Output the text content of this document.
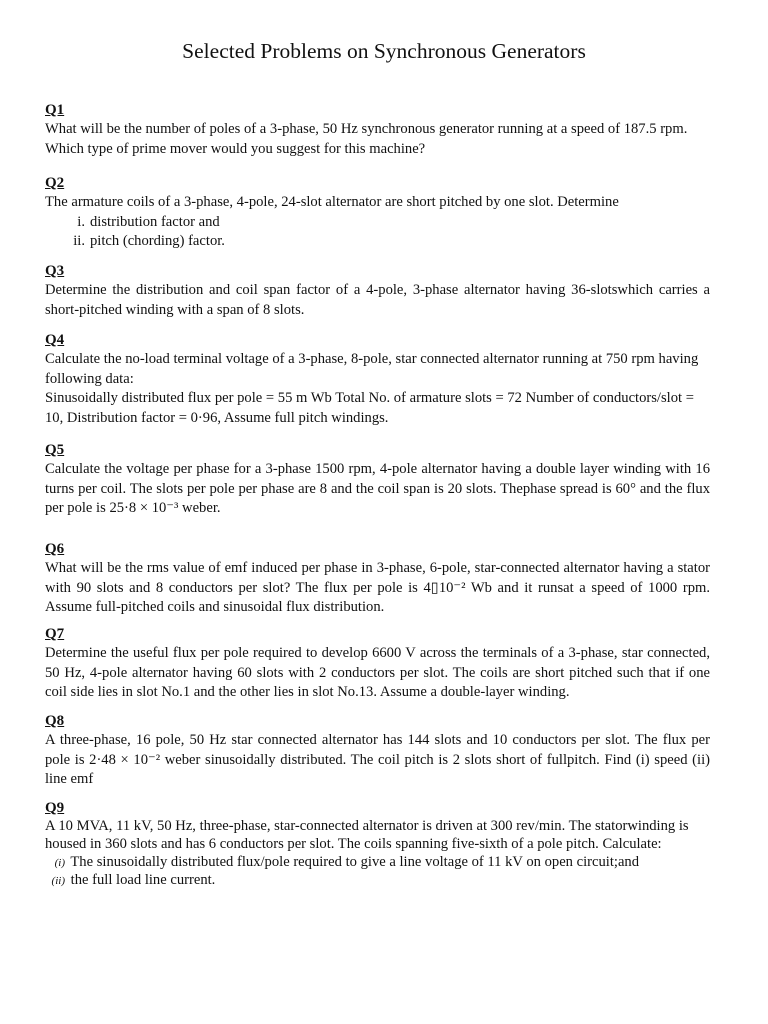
Selected Problems on Synchronous Generators
Q1

What will be the number of poles of a 3-phase, 50 Hz synchronous generator running at a speed of 187.5 rpm. Which type of prime mover would you suggest for this machine?

Q2

The armature coils of a 3-phase, 4-pole, 24-slot alternator are short pitched by one slot. Determine

i. distribution factor and
ii. pitch (chording) factor.
Q3

Determine the distribution and coil span factor of a 4-pole, 3-phase alternator having 36-slotswhich carries a short-pitched winding with a span of 8 slots.

Q4

Calculate the no-load terminal voltage of a 3-phase, 8-pole, star connected alternator running at 750 rpm having following data:

Sinusoidally distributed flux per pole = 55 m Wb Total No. of armature slots = 72 Number of conductors/slot = 10, Distribution factor = 0·96, Assume full pitch windings.

Q5

Calculate the voltage per phase for a 3-phase 1500 rpm, 4-pole alternator having a double layer winding with 16 turns per coil. The slots per pole per phase are 8 and the coil span is 20 slots. Thephase spread is 60° and the flux per pole is 25·8 × 10⁻³ weber.

Q6

What will be the rms value of emf induced per phase in 3-phase, 6-pole, star-connected alternator having a stator with 90 slots and 8 conductors per slot? The flux per pole is 4▯10⁻² Wb and it runsat a speed of 1000 rpm. Assume full-pitched coils and sinusoidal flux distribution.

Q7

Determine the useful flux per pole required to develop 6600 V across the terminals of a 3-phase, star connected, 50 Hz, 4-pole alternator having 60 slots with 2 conductors per slot. The coils are short pitched such that if one coil side lies in slot No.1 and the other lies in slot No.13. Assume a double-layer winding.

Q8

A three-phase, 16 pole, 50 Hz star connected alternator has 144 slots and 10 conductors per slot. The flux per pole is 2·48 × 10⁻² weber sinusoidally distributed. The coil pitch is 2 slots short of fullpitch. Find (i) speed (ii) line emf

Q9

A 10 MVA, 11 kV, 50 Hz, three-phase, star-connected alternator is driven at 300 rev/min. The statorwinding is housed in 360 slots and has 6 conductors per slot. The coils spanning five-sixth of a pole pitch. Calculate:

(i) The sinusoidally distributed flux/pole required to give a line voltage of 11 kV on open circuit;and
(ii) the full load line current.
